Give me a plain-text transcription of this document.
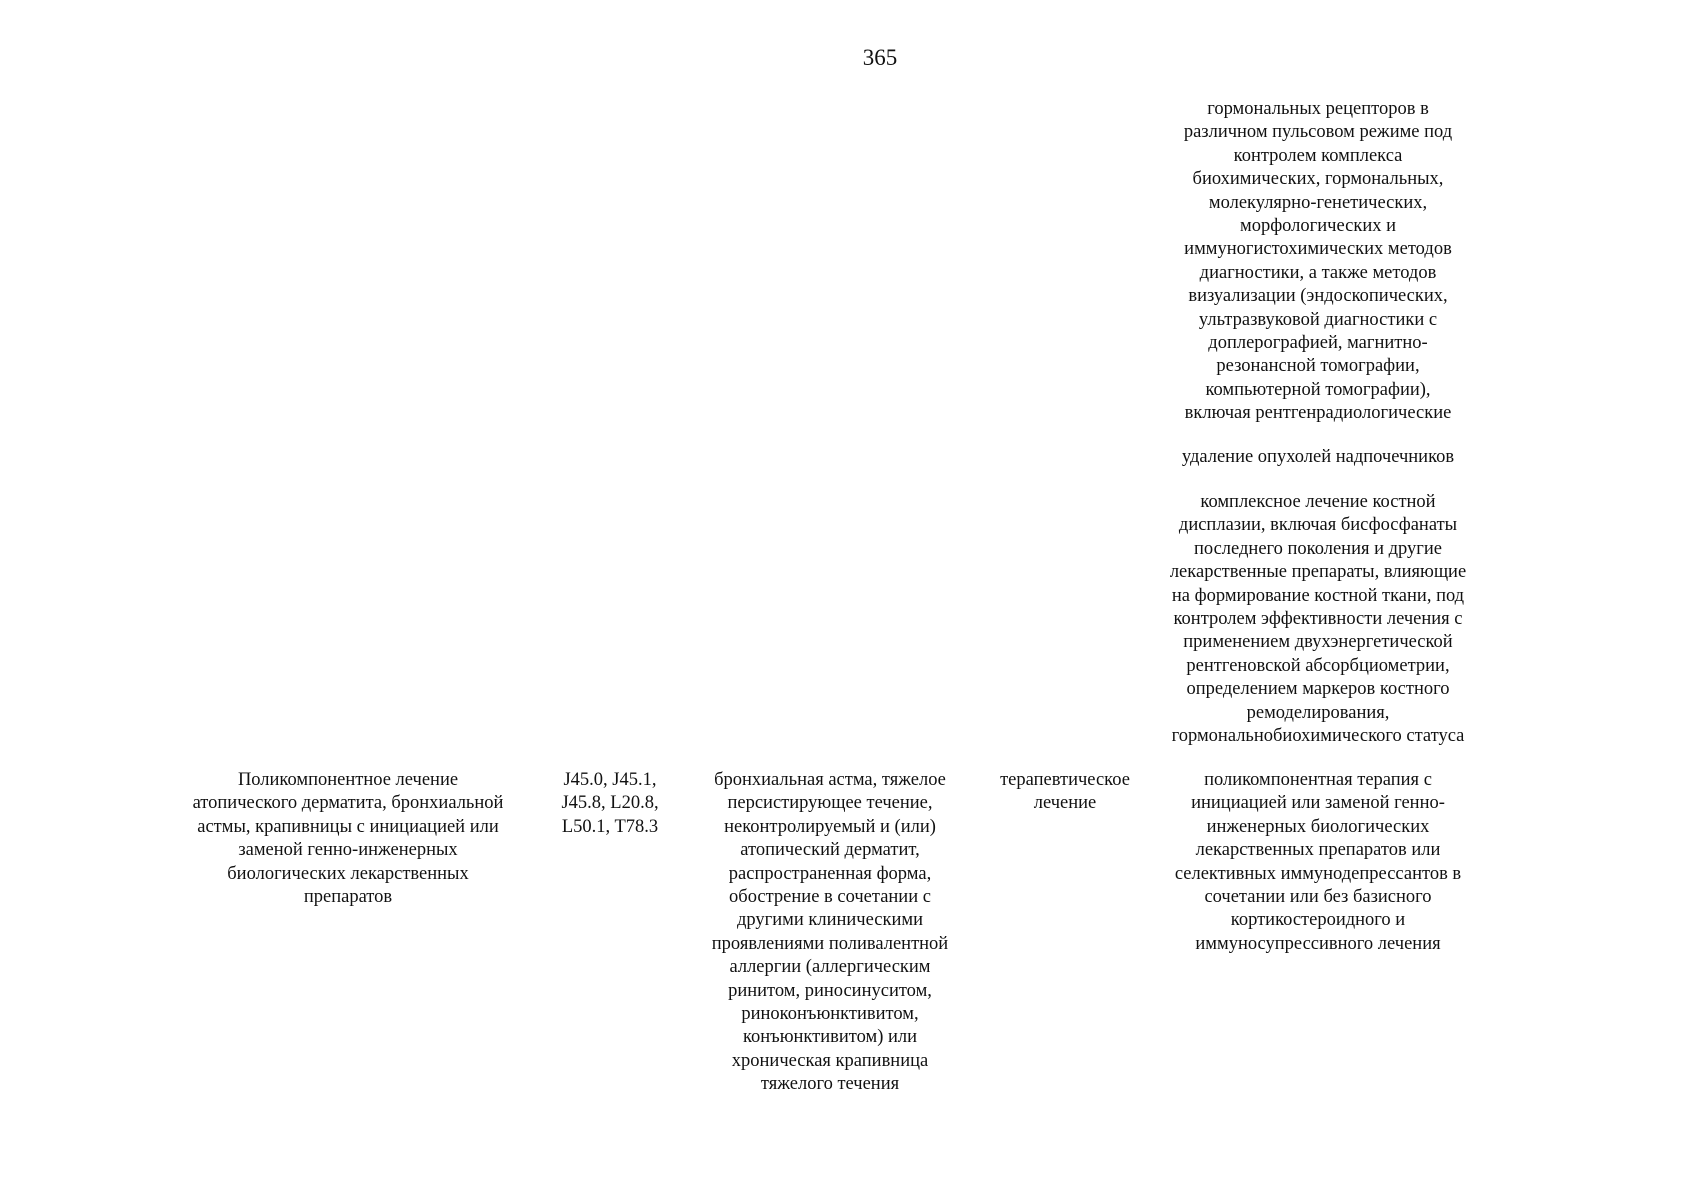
365
гормональных рецепторов в
различном пульсовом режиме под
контролем комплекса
биохимических, гормональных,
молекулярно-генетических,
морфологических и
иммуногистохимических методов
диагностики, а также методов
визуализации (эндоскопических,
ультразвуковой диагностики с
доплерографией, магнитно-
резонансной томографии,
компьютерной томографии),
включая рентгенрадиологические
удаление опухолей надпочечников
комплексное лечение костной
дисплазии, включая бисфосфанаты
последнего поколения и другие
лекарственные препараты, влияющие
на формирование костной ткани, под
контролем эффективности лечения с
применением двухэнергетической
рентгеновской абсорбциометрии,
определением маркеров костного
ремоделирования,
гормональнобиохимического статуса
Поликомпонентное лечение
атопического дерматита, бронхиальной
астмы, крапивницы с инициацией или
заменой генно-инженерных
биологических лекарственных
препаратов
J45.0, J45.1,
J45.8, L20.8,
L50.1, T78.3
бронхиальная астма, тяжелое
персистирующее течение,
неконтролируемый и (или)
атопический дерматит,
распространенная форма,
обострение в сочетании с
другими клиническими
проявлениями поливалентной
аллергии (аллергическим
ринитом, риносинуситом,
риноконъюнктивитом,
конъюнктивитом) или
хроническая крапивница
тяжелого течения
терапевтическое
лечение
поликомпонентная терапия с
инициацией или заменой генно-
инженерных биологических
лекарственных препаратов или
селективных иммунодепрессантов в
сочетании или без базисного
кортикостероидного и
иммуносупрессивного лечения
